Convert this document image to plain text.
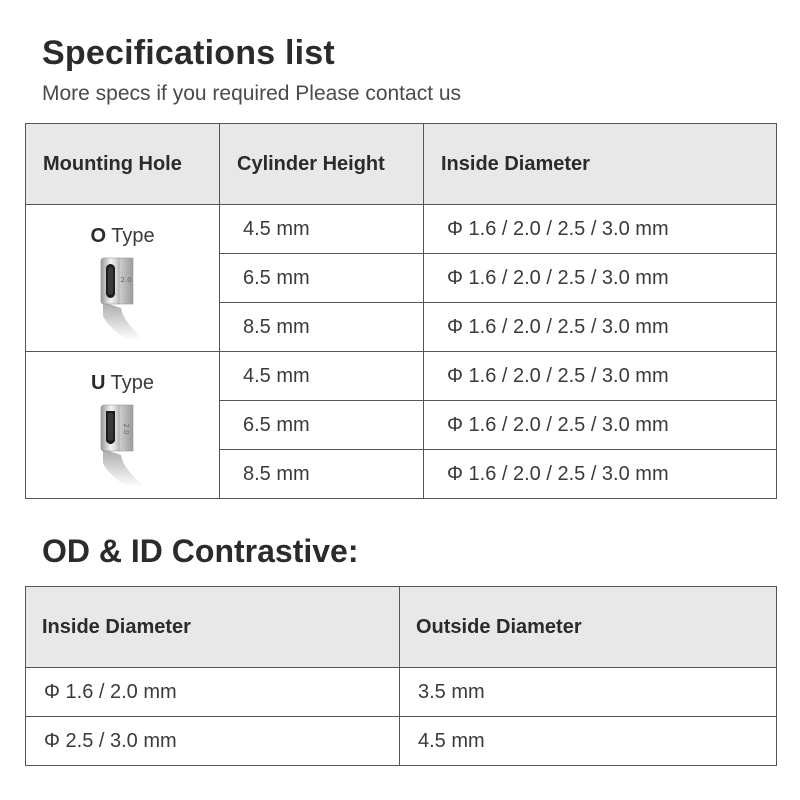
Specifications list

More specs if you required Please contact us

Mounting Hole	Cylinder Height	Inside Diameter

O Type
2.0	4.5 mm	Φ 1.6 / 2.0 / 2.5 / 3.0 mm
	6.5 mm	Φ 1.6 / 2.0 / 2.5 / 3.0 mm
	8.5 mm	Φ 1.6 / 2.0 / 2.5 / 3.0 mm

U Type
2.0	4.5 mm	Φ 1.6 / 2.0 / 2.5 / 3.0 mm
	6.5 mm	Φ 1.6 / 2.0 / 2.5 / 3.0 mm
	8.5 mm	Φ 1.6 / 2.0 / 2.5 / 3.0 mm
OD & ID Contrastive:
Inside Diameter	Outside Diameter
Φ 1.6 / 2.0 mm	3.5 mm
Φ 2.5 / 3.0 mm	4.5 mm
